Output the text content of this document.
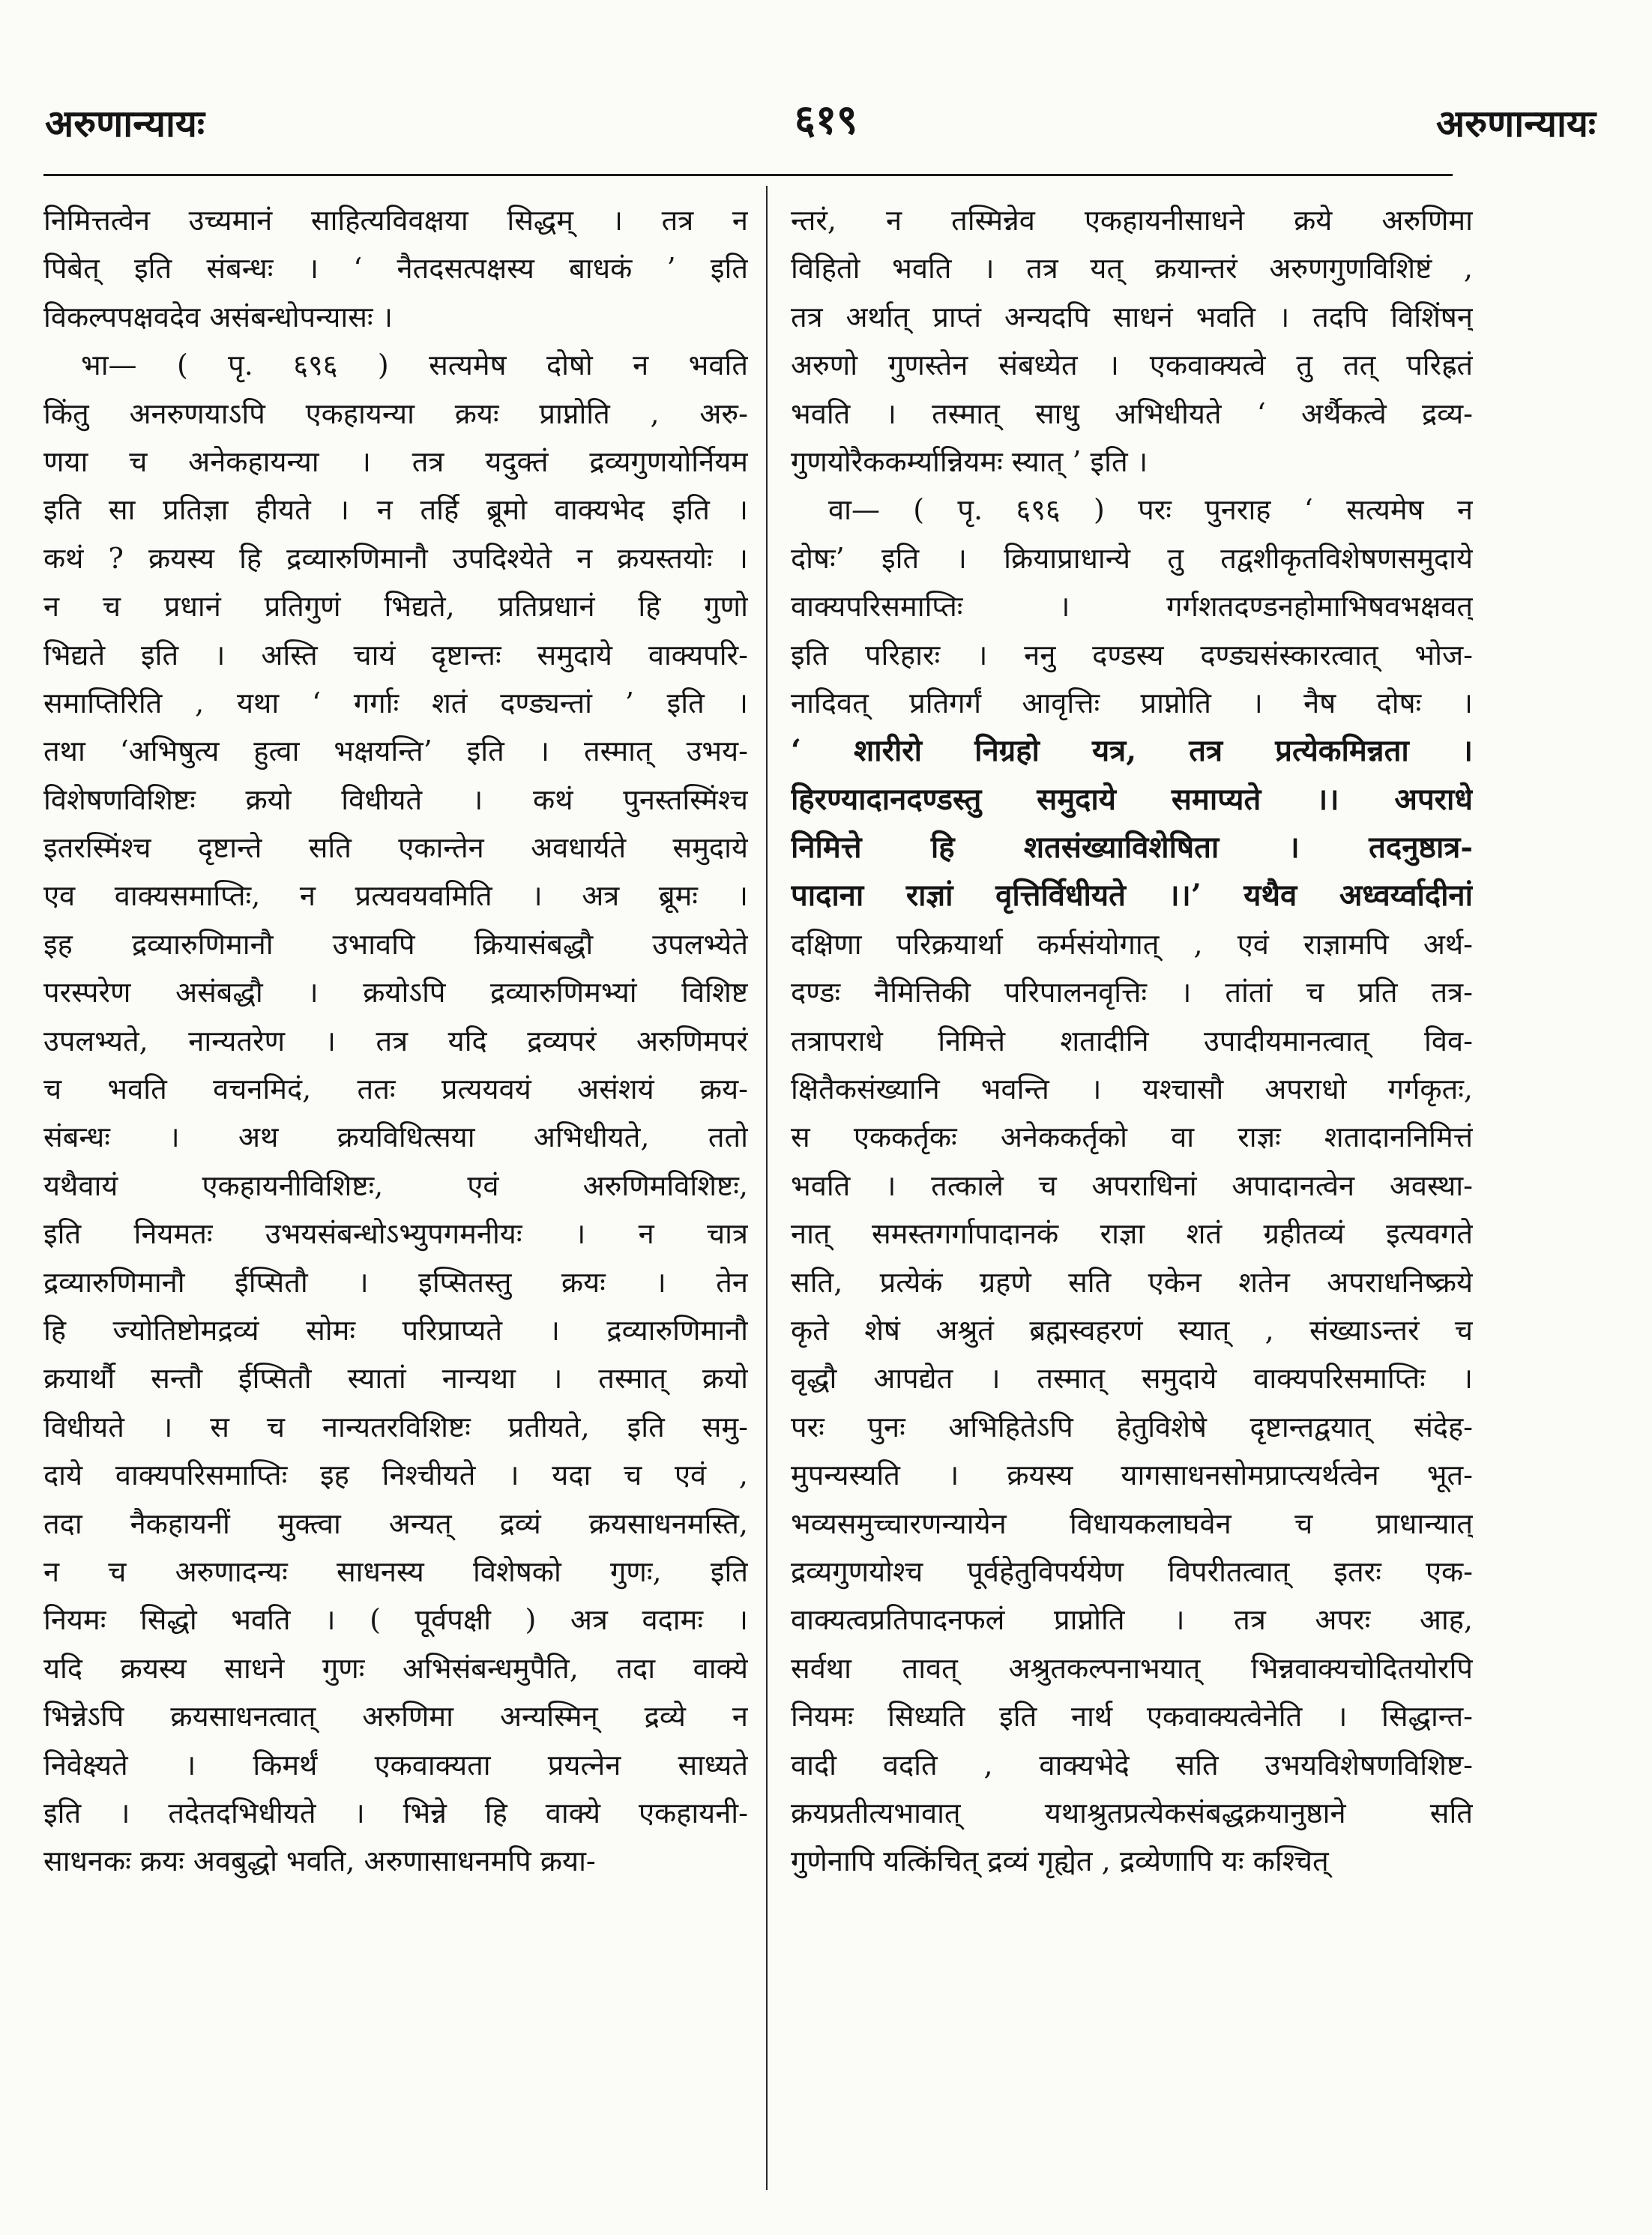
अरुणान्यायः	६१९	अरुणान्यायः
निमित्तत्वेन उच्यमानं साहित्यविवक्षया सिद्धम् । तत्र न
पिबेत् इति संबन्धः । ‘ नैतदसत्पक्षस्य बाधकं ’ इति
विकल्पपक्षवदेव असंबन्धोपन्यासः ।
भा— ( पृ. ६९६ ) सत्यमेष दोषो न भवति
किंतु अनरुणयाऽपि एकहायन्या क्रयः प्राप्नोति , अरु-
णया च अनेकहायन्या । तत्र यदुक्तं द्रव्यगुणयोर्नियम
इति सा प्रतिज्ञा हीयते । न तर्हि ब्रूमो वाक्यभेद इति ।
कथं ? क्रयस्य हि द्रव्यारुणिमानौ उपदिश्येते न क्रयस्तयोः ।
न च प्रधानं प्रतिगुणं भिद्यते, प्रतिप्रधानं हि गुणो
भिद्यते इति । अस्ति चायं दृष्टान्तः समुदाये वाक्यपरि-
समाप्तिरिति , यथा ‘ गर्गाः शतं दण्ड्यन्तां ’ इति ।
तथा ‘अभिषुत्य हुत्वा भक्षयन्ति’ इति । तस्मात् उभय-
विशेषणविशिष्टः क्रयो विधीयते । कथं पुनस्तस्मिंश्च
इतरस्मिंश्च दृष्टान्ते सति एकान्तेन अवधार्यते समुदाये
एव वाक्यसमाप्तिः, न प्रत्यवयवमिति । अत्र ब्रूमः ।
इह द्रव्यारुणिमानौ उभावपि क्रियासंबद्धौ उपलभ्येते
परस्परेण असंबद्धौ । क्रयोऽपि द्रव्यारुणिमभ्यां विशिष्ट
उपलभ्यते, नान्यतरेण । तत्र यदि द्रव्यपरं अरुणिमपरं
च भवति वचनमिदं, ततः प्रत्ययवयं असंशयं क्रय-
संबन्धः । अथ क्रयविधित्सया अभिधीयते, ततो
यथैवायं एकहायनीविशिष्टः, एवं अरुणिमविशिष्टः,
इति नियमतः उभयसंबन्धोऽभ्युपगमनीयः । न चात्र
द्रव्यारुणिमानौ ईप्सितौ । इप्सितस्तु क्रयः । तेन
हि ज्योतिष्टोमद्रव्यं सोमः परिप्राप्यते । द्रव्यारुणिमानौ
क्रयार्थौ सन्तौ ईप्सितौ स्यातां नान्यथा । तस्मात् क्रयो
विधीयते । स च नान्यतरविशिष्टः प्रतीयते, इति समु-
दाये वाक्यपरिसमाप्तिः इह निश्चीयते । यदा च एवं ,
तदा नैकहायनीं मुक्त्वा अन्यत् द्रव्यं क्रयसाधनमस्ति,
न च अरुणादन्यः साधनस्य विशेषको गुणः, इति
नियमः सिद्धो भवति । ( पूर्वपक्षी ) अत्र वदामः ।
यदि क्रयस्य साधने गुणः अभिसंबन्धमुपैति, तदा वाक्ये
भिन्नेऽपि क्रयसाधनत्वात् अरुणिमा अन्यस्मिन् द्रव्ये न
निवेक्ष्यते । किमर्थं एकवाक्यता प्रयत्नेन साध्यते
इति । तदेतदभिधीयते । भिन्ने हि वाक्ये एकहायनी-
साधनकः क्रयः अवबुद्धो भवति, अरुणासाधनमपि क्रया-
न्तरं, न तस्मिन्नेव एकहायनीसाधने क्रये अरुणिमा
विहितो भवति । तत्र यत् क्रयान्तरं अरुणगुणविशिष्टं ,
तत्र अर्थात् प्राप्तं अन्यदपि साधनं भवति । तदपि विशिंषन्
अरुणो गुणस्तेन संबध्येत । एकवाक्यत्वे तु तत् परिह्रतं
भवति । तस्मात् साधु अभिधीयते ‘ अर्थैकत्वे द्रव्य-
गुणयोरैककर्म्यान्नियमः स्यात् ’ इति ।
वा— ( पृ. ६९६ ) परः पुनराह ‘ सत्यमेष न
दोषः’ इति । क्रियाप्राधान्ये तु तद्वशीकृतविशेषणसमुदाये
वाक्यपरिसमाप्तिः । गर्गशतदण्डनहोमाभिषवभक्षवत्
इति परिहारः । ननु दण्डस्य दण्ड्यसंस्कारत्वात् भोज-
नादिवत् प्रतिगर्गं आवृत्तिः प्राप्नोति । नैष दोषः ।
‘ शारीरो निग्रहो यत्र, तत्र प्रत्येकमिन्नता ।
हिरण्यादानदण्डस्तु समुदाये समाप्यते ।। अपराधे
निमित्ते हि शतसंख्याविशेषिता । तदनुष्ठात्र-
पादाना राज्ञां वृत्तिर्विधीयते ।।’ यथैव अध्वर्य्वादीनां
दक्षिणा परिक्रयार्था कर्मसंयोगात् , एवं राज्ञामपि अर्थ-
दण्डः नैमित्तिकी परिपालनवृत्तिः । तांतां च प्रति तत्र-
तत्रापराधे निमित्ते शतादीनि उपादीयमानत्वात् विव-
क्षितैकसंख्यानि भवन्ति । यश्चासौ अपराधो गर्गकृतः,
स एककर्तृकः अनेककर्तृको वा राज्ञः शतादाननिमित्तं
भवति । तत्काले च अपराधिनां अपादानत्वेन अवस्था-
नात् समस्तगर्गापादानकं राज्ञा शतं ग्रहीतव्यं इत्यवगते
सति, प्रत्येकं ग्रहणे सति एकेन शतेन अपराधनिष्क्रये
कृते शेषं अश्रुतं ब्रह्मस्वहरणं स्यात् , संख्याऽन्तरं च
वृद्धौ आपद्येत । तस्मात् समुदाये वाक्यपरिसमाप्तिः ।
परः पुनः अभिहितेऽपि हेतुविशेषे दृष्टान्तद्वयात् संदेह-
मुपन्यस्यति । क्रयस्य यागसाधनसोमप्राप्त्यर्थत्वेन भूत-
भव्यसमुच्चारणन्यायेन विधायकलाघवेन च प्राधान्यात्
द्रव्यगुणयोश्च पूर्वहेतुविपर्ययेण विपरीतत्वात् इतरः एक-
वाक्यत्वप्रतिपादनफलं प्राप्नोति । तत्र अपरः आह,
सर्वथा तावत् अश्रुतकल्पनाभयात् भिन्नवाक्यचोदितयोरपि
नियमः सिध्यति इति नार्थ एकवाक्यत्वेनेति । सिद्धान्त-
वादी वदति , वाक्यभेदे सति उभयविशेषणविशिष्ट-
क्रयप्रतीत्यभावात् यथाश्रुतप्रत्येकसंबद्धक्रयानुष्ठाने सति
गुणेनापि यत्किंचित् द्रव्यं गृह्येत , द्रव्येणापि यः कश्चित्
